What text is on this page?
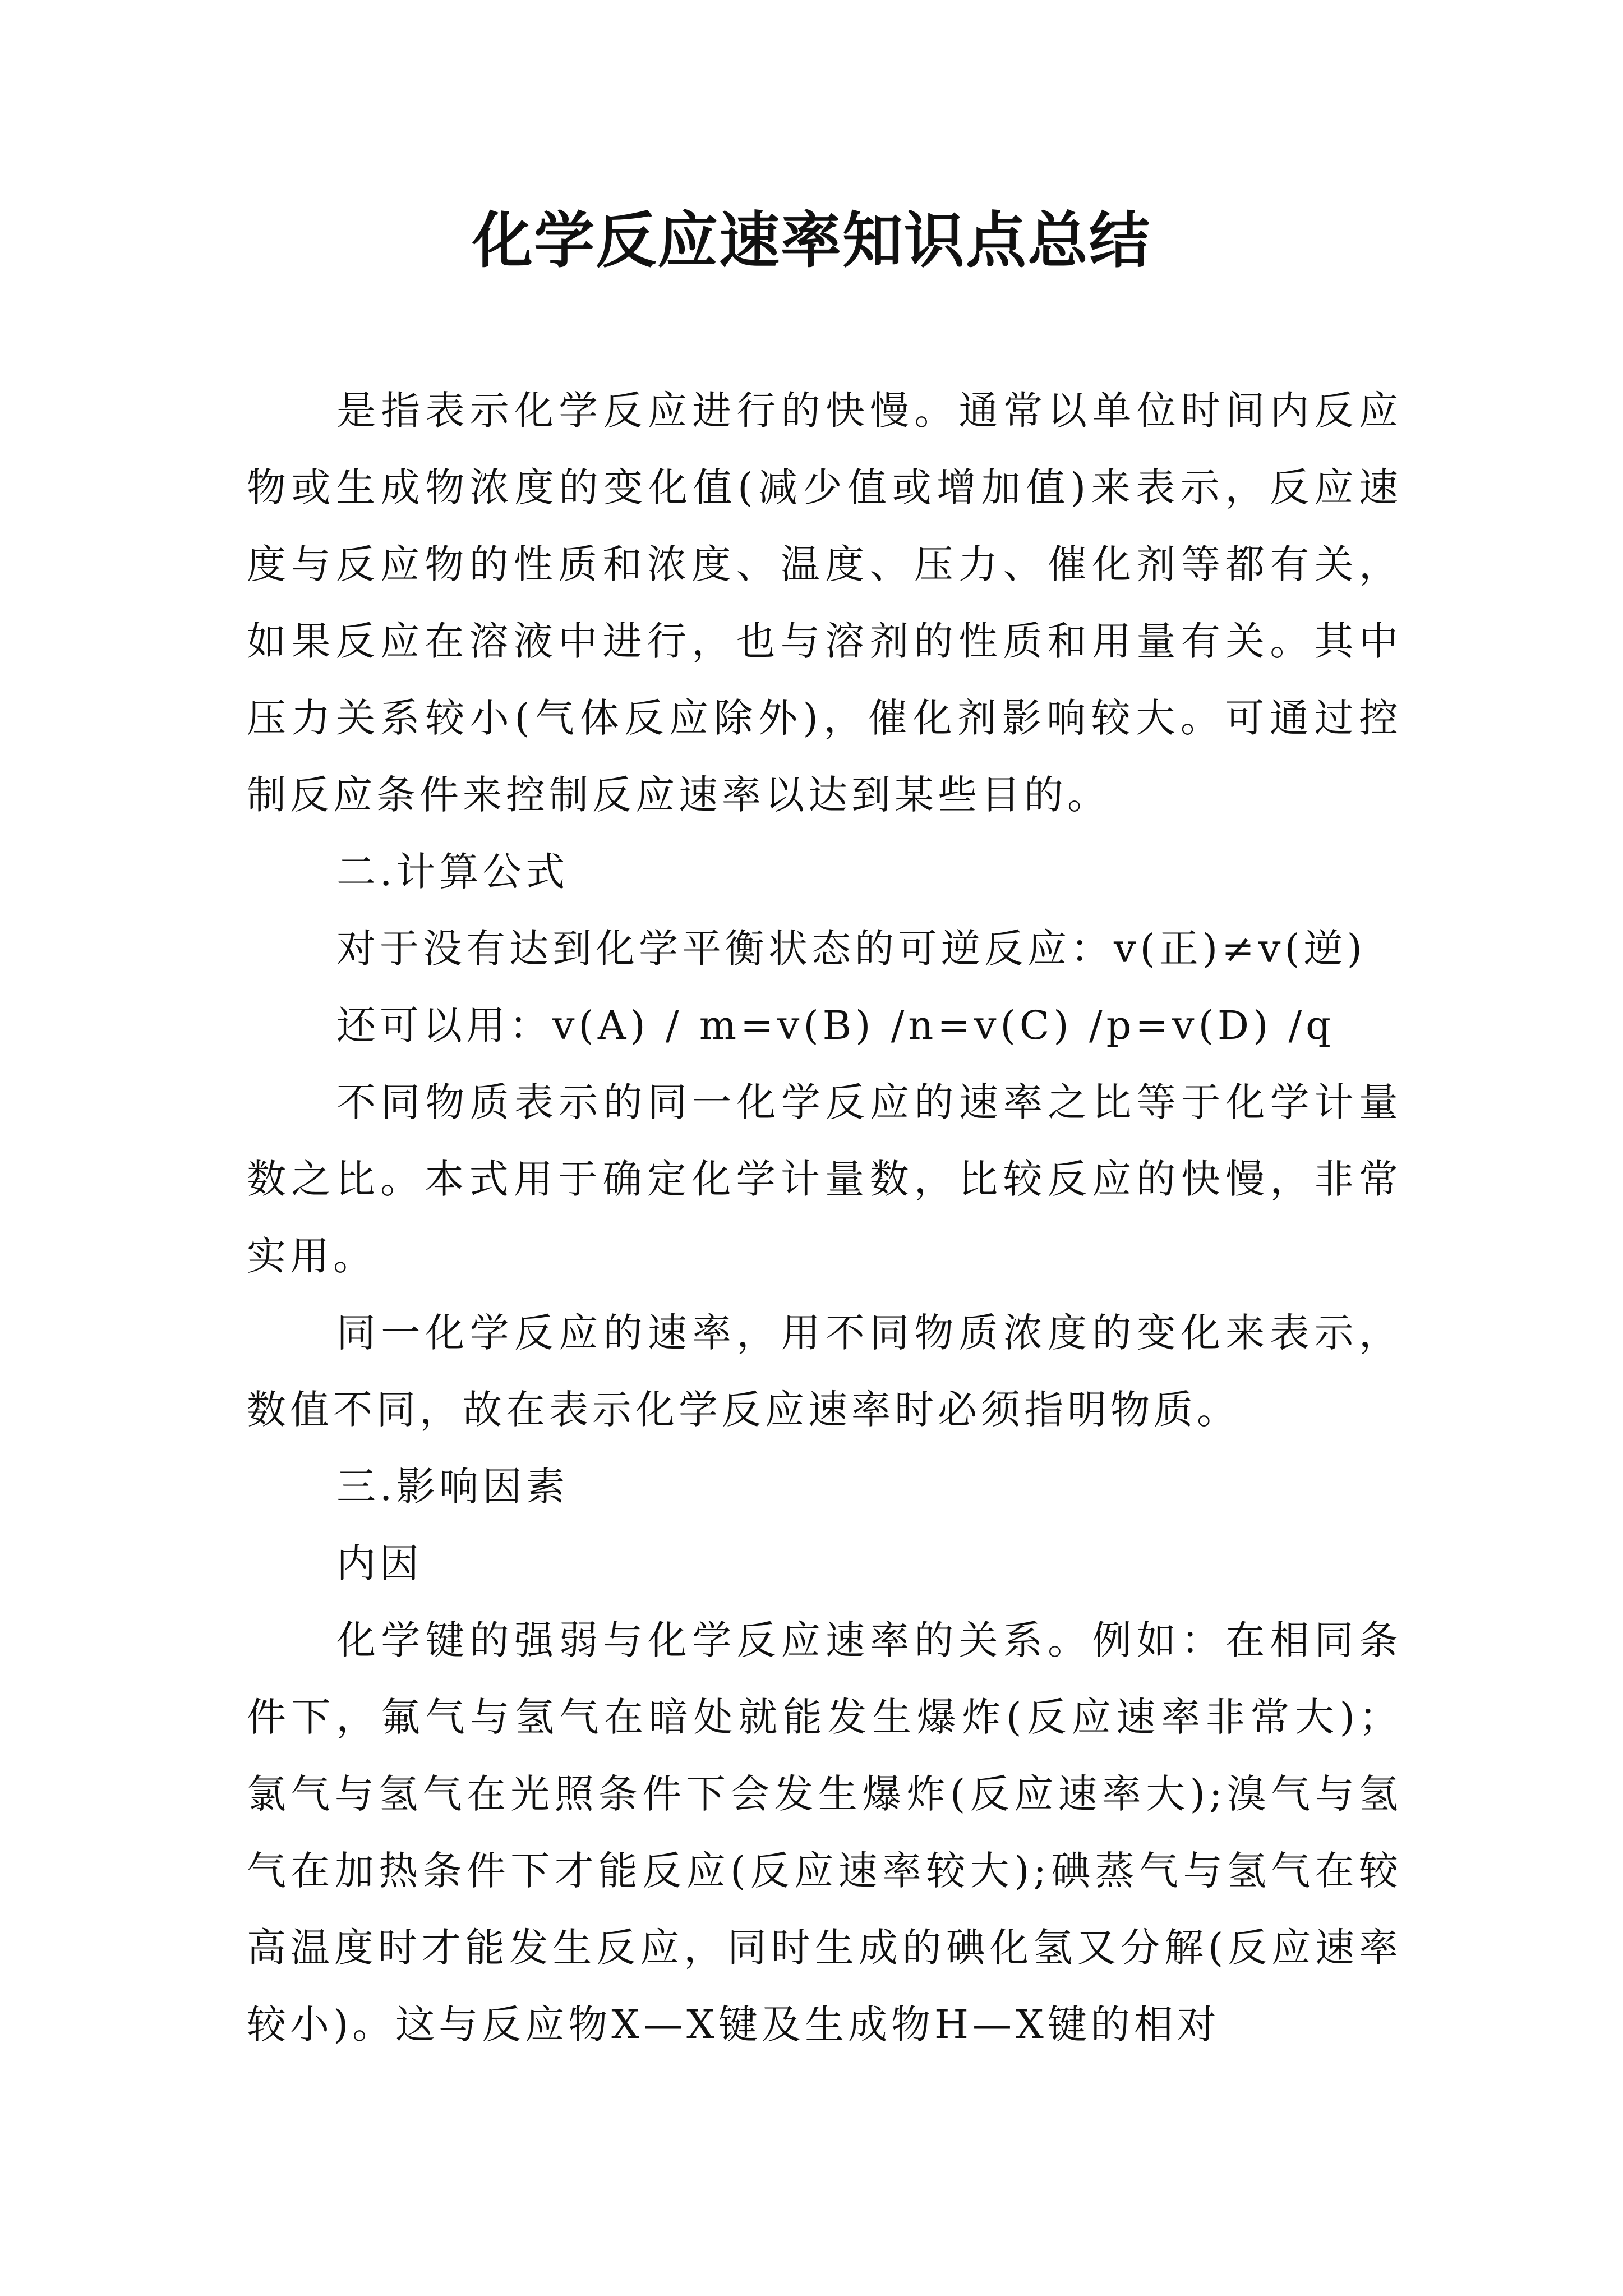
化学反应速率知识点总结

是指表示化学反应进行的快慢。通常以单位时间内反应物或生成物浓度的变化值(减少值或增加值)来表示，反应速度与反应物的性质和浓度、温度、压力、催化剂等都有关，如果反应在溶液中进行，也与溶剂的性质和用量有关。其中压力关系较小(气体反应除外)，催化剂影响较大。可通过控制反应条件来控制反应速率以达到某些目的。

二.计算公式

对于没有达到化学平衡状态的可逆反应：v(正)≠v(逆)

还可以用：v(A) / m=v(B) /n=v(C) /p=v(D) /q

不同物质表示的同一化学反应的速率之比等于化学计量数之比。本式用于确定化学计量数，比较反应的快慢，非常实用。

同一化学反应的速率，用不同物质浓度的变化来表示，数值不同，故在表示化学反应速率时必须指明物质。

三.影响因素

内因

化学键的强弱与化学反应速率的关系。例如：在相同条件下，氟气与氢气在暗处就能发生爆炸(反应速率非常大)；氯气与氢气在光照条件下会发生爆炸(反应速率大);溴气与氢气在加热条件下才能反应(反应速率较大);碘蒸气与氢气在较高温度时才能发生反应，同时生成的碘化氢又分解(反应速率较小)。这与反应物X—X键及生成物H—X键的相对
